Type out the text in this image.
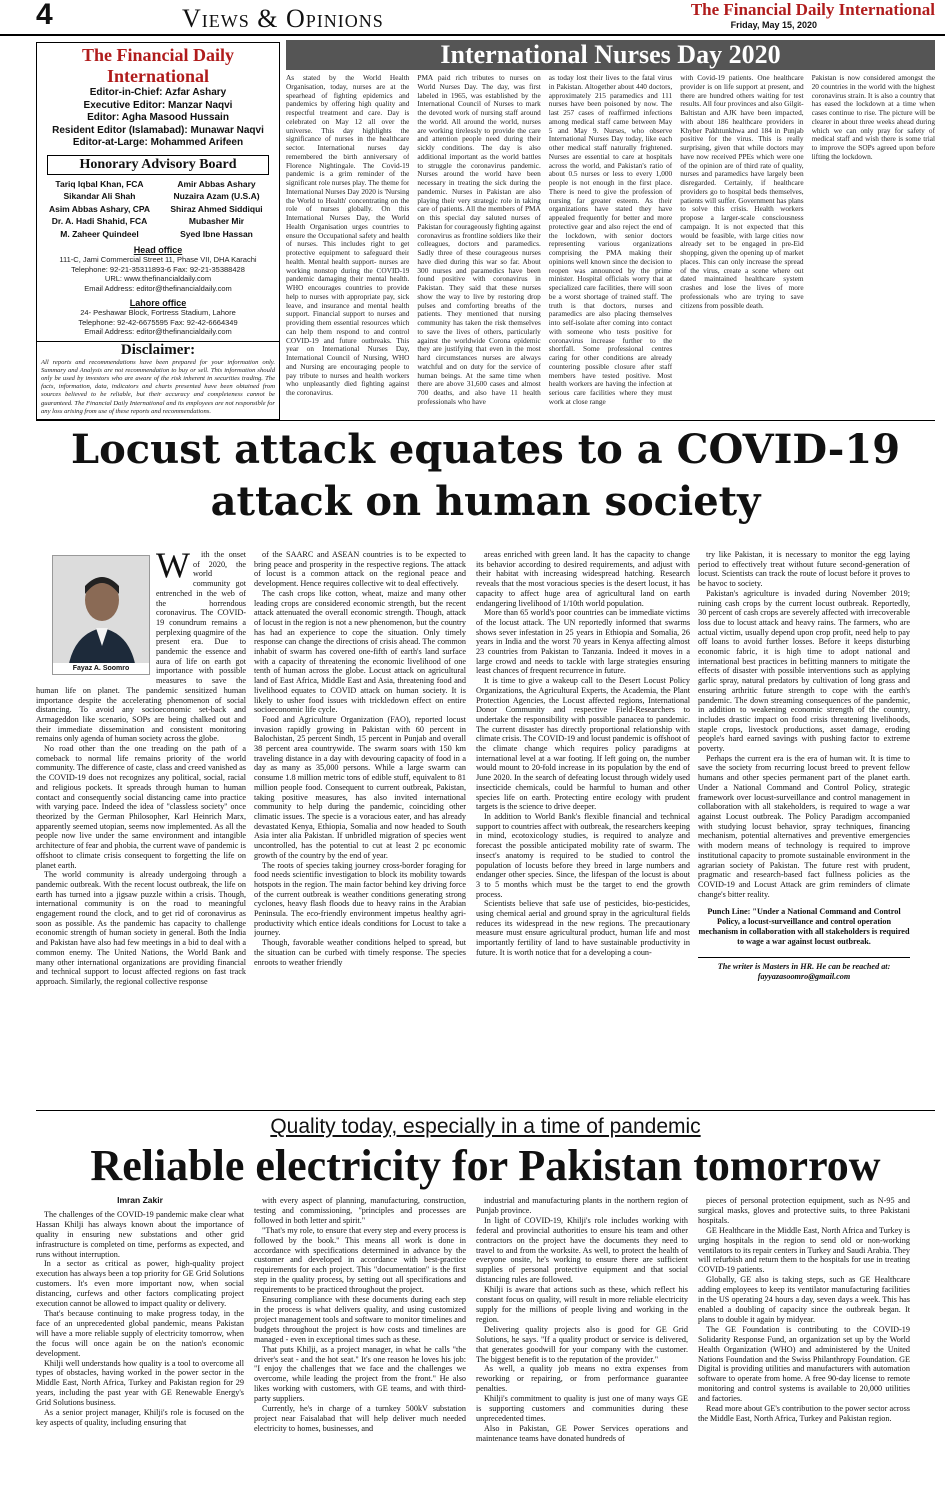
4	Views & Opinions	The Financial Daily International
Friday, May 15, 2020
The Financial Daily International
Editor-in-Chief: Azfar Ashary
Executive Editor: Manzar Naqvi
Editor: Agha Masood Hussain
Resident Editor (Islamabad): Munawar Naqvi
Editor-at-Large: Mohammed Arifeen
Honorary Advisory Board
Tariq Iqbal Khan, FCA	Amir Abbas Ashary
Sikandar Ali Shah	Nuzaira Azam (U.S.A)
Asim Abbas Ashary, CPA	Shiraz Ahmed Siddiqui
Dr. A. Hadi Shahid, FCA	Mubasher Mir
M. Zaheer Quindeel	Syed Ibne Hassan
Head office
111-C, Jami Commercial Street 11, Phase VII, DHA Karachi
Telephone: 92-21-35311893-6 Fax: 92-21-35388428
URL: www.thefinancialdaily.com
Email Address: editor@thefinancialdaily.com
Lahore office
24- Peshawar Block, Fortress Stadium, Lahore
Telephone: 92-42-6675595 Fax: 92-42-6664349
Email Address: editor@thefinancialdaily.com
Disclaimer:
All reports and recommendations have been prepared for your information only. Summary and Analysis are not recommendation to buy or sell. This information should only be used by investors who are aware of the risk inherent in securities trading. The facts, information, data, indicators and charts presented have been obtained from sources believed to be reliable, but their accuracy and completeness cannot be guaranteed. The Financial Daily International and its employees are not responsible for any loss arising from use of these reports and recommendations.
International Nurses Day 2020

As stated by the World Health Organisation, today, nurses are at the spearhead of fighting epidemics and pandemics by offering high quality and respectful treatment and care. Day is celebrated on May 12 all over the universe. This day highlights the significance of nurses in the healthcare sector. International nurses day remembered the birth anniversary of Florence Nightingale. The Covid-19 pandemic is a grim reminder of the significant role nurses play. The theme for International Nurses Day 2020 is 'Nursing the World to Health' concentrating on the role of nurses globally. On this International Nurses Day, the World Health Organisation urges countries to ensure the Occupational safety and health of nurses. This includes right to get protective equipment to safeguard their health. Mental health support- nurses are working nonstop during the COVID-19 pandemic damaging their mental health. WHO encourages countries to provide help to nurses with appropriate pay, sick leave, and insurance and mental health support. Financial support to nurses and providing them essential resources which can help them respond to and control COVID-19 and future outbreaks. This year on International Nurses Day, International Council of Nursing, WHO and Nursing are encouraging people to pay tribute to nurses and health workers who unpleasantly died fighting against the coronavirus.

PMA paid rich tributes to nurses on World Nurses Day. The day, was first labeled in 1965, was established by the International Council of Nurses to mark the devoted work of nursing staff around the world. All around the world, nurses are working tirelessly to provide the care and attention people need during their sickly conditions. The day is also additional important as the world battles to struggle the coronavirus pandemic. Nurses around the world have been necessary in treating the sick during the pandemic. Nurses in Pakistan are also playing their very strategic role in taking care of patients. All the members of PMA on this special day saluted nurses of Pakistan for courageously fighting against coronavirus as frontline soldiers like their colleagues, doctors and paramedics. Sadly three of these courageous nurses have died during this war so far. About 300 nurses and paramedics have been found positive with coronavirus in Pakistan. They said that these nurses show the way to live by restoring drop pulses and comforting breaths of the patients. They mentioned that nursing community has taken the risk themselves to save the lives of others, particularly against the worldwide Corona epidemic they are justifying that even in the most hard circumstances nurses are always watchful and on duty for the service of human beings. At the same time when there are above 31,600 cases and almost 700 deaths, and also have 11 health professionals who have

as today lost their lives to the fatal virus in Pakistan. Altogether about 440 doctors, approximately 215 paramedics and 111 nurses have been poisoned by now. The last 257 cases of reaffirmed infections among medical staff came between May 5 and May 9. Nurses, who observe International Nurses Day today, like each other medical staff naturally frightened. Nurses are essential to care at hospitals across the world, and Pakistan's ratio of about 0.5 nurses or less to every 1,000 people is not enough in the first place. There is need to give the profession of nursing far greater esteem. As their organizations have stated they have appealed frequently for better and more protective gear and also reject the end of the lockdown, with senior doctors representing various organizations comprising the PMA making their opinions well known since the decision to reopen was announced by the prime minister. Hospital officials worry that at specialized care facilities, there will soon be a worst shortage of trained staff. The truth is that doctors, nurses and paramedics are also placing themselves into self-isolate after coming into contact with someone who tests positive for coronavirus increase further to the shortfall. Some professional centres caring for other conditions are already countering possible closure after staff members have tested positive. Most health workers are having the infection at serious care facilities where they must work at close range

with Covid-19 patients. One healthcare provider is on life support at present, and there are hundred others waiting for test results. All four provinces and also Gilgit-Baltistan and AJK have been impacted, with about 186 healthcare providers in Khyber Pakhtunkhwa and 184 in Punjab positive for the virus. This is really surprising, given that while doctors may have now received PPEs which were one of the opinion are of third rate of quality, nurses and paramedics have largely been disregarded. Certainly, if healthcare providers go to hospital beds themselves, patients will suffer. Government has plans to solve this crisis. Health workers propose a larger-scale consciousness campaign. It is not expected that this would be feasible, with large cities now already set to be engaged in pre-Eid shopping, given the opening up of market places. This can only increase the spread of the virus, create a scene where out dated maintained healthcare system crashes and lose the lives of more professionals who are trying to save citizens from possible death.

Pakistan is now considered amongst the 20 countries in the world with the highest coronavirus strain. It is also a country that has eased the lockdown at a time when cases continue to rise. The picture will be clearer in about three weeks ahead during which we can only pray for safety of medical staff and wish there is some trial to improve the SOPs agreed upon before lifting the lockdown.

Locust attack equates to a COVID-19 attack on human society

W ith the onset of 2020, the world community got entrenched in the web of the horrendous coronavirus. The COVID-19 conundrum remains a perplexing quagmire of the present era. Due to pandemic the essence and aura of life on earth got importance with possible measures to save the human life on planet. The pandemic sensitized human importance despite the accelerating phenomenon of social distancing. To avoid any socioeconomic set-back and Armageddon like scenario, SOPs are being chalked out and their immediate dissemination and consistent monitoring remains only agenda of human society across the globe.

No road other than the one treading on the path of a comeback to normal life remains priority of the world community. The difference of caste, class and creed vanished as the COVID-19 does not recognizes any political, social, racial and religious pockets. It spreads through human to human contact and consequently social distancing came into practice with varying pace. Indeed the idea of "classless society" once theorized by the German Philosopher, Karl Heinrich Marx, apparently seemed utopian, seems now implemented. As all the people now live under the same environment and intangible architecture of fear and phobia, the current wave of pandemic is offshoot to climate crisis consequent to forgetting the life on planet earth.

The world community is already undergoing through a pandemic outbreak. With the recent locust outbreak, the life on earth has turned into a jigsaw puzzle within a crisis. Though, international community is on the road to meaningful engagement round the clock, and to get rid of coronavirus as soon as possible. As the pandemic has capacity to challenge economic strength of human society in general. Both the India and Pakistan have also had few meetings in a bid to deal with a common enemy. The United Nations, the World Bank and many other international organizations are providing financial and technical support to locust affected regions on fast track approach. Similarly, the regional collective response

of the SAARC and ASEAN countries is to be expected to bring peace and prosperity in the respective regions. The attack of locust is a common attack on the regional peace and development. Hence requires collective wit to deal effectively.

The cash crops like cotton, wheat, maize and many other leading crops are considered economic strength, but the recent attack attenuated the overall economic strength. Though, attack of locust in the region is not a new phenomenon, but the country has had an experience to cope the situation. Only timely response can change the directions of crisis ahead. The common inhabit of swarm has covered one-fifth of earth's land surface with a capacity of threatening the economic livelihood of one tenth of human across the globe. Locust attack on agricultural land of East Africa, Middle East and Asia, threatening food and livelihood equates to COVID attack on human society. It is likely to usher food issues with trickledown effect on entire socioeconomic life cycle.

Food and Agriculture Organization (FAO), reported locust invasion rapidly growing in Pakistan with 60 percent in Balochistan, 25 percent Sindh, 15 percent in Punjab and overall 38 percent area countrywide. The swarm soars with 150 km traveling distance in a day with devouring capacity of food in a day as many as 35,000 persons. While a large swarm can consume 1.8 million metric tons of edible stuff, equivalent to 81 million people food. Consequent to current outbreak, Pakistan, taking positive measures, has also invited international community to help during the pandemic, coinciding other climatic issues. The specie is a voracious eater, and has already devastated Kenya, Ethiopia, Somalia and now headed to South Asia inter alia Pakistan. If unbridled migration of species went uncontrolled, has the potential to cut at least 2 pc economic growth of the country by the end of year.

The roots of species taking journey cross-border foraging for food needs scientific investigation to block its mobility towards hotspots in the region. The main factor behind key driving force of the current outbreak is weather conditions generating strong cyclones, heavy flash floods due to heavy rains in the Arabian Peninsula. The eco-friendly environment impetus healthy agri-productivity which entice ideals conditions for Locust to take a journey.

Though, favorable weather conditions helped to spread, but the situation can be curbed with timely response. The species enroots to weather friendly

areas enriched with green land. It has the capacity to change its behavior according to desired requirements, and adjust with their habitat with increasing widespread hatching. Research reveals that the most voracious species is the desert locust, it has capacity to affect huge area of agricultural land on earth endangering livelihood of 1/10th world population.

More than 65 world's poor countries can be immediate victims of the locust attack. The UN reportedly informed that swarms shows sever infestation in 25 years in Ethiopia and Somalia, 26 years in India and the worst 70 years in Kenya affecting almost 23 countries from Pakistan to Tanzania. Indeed it moves in a large crowd and needs to tackle with large strategies ensuring least chances of frequent recurrence in future.

It is time to give a wakeup call to the Desert Locust Policy Organizations, the Agricultural Experts, the Academia, the Plant Protection Agencies, the Locust affected regions, International Donor Community and respective Field-Researchers to undertake the responsibility with possible panacea to pandemic. The current disaster has directly proportional relationship with climate crisis. The COVID-19 and locust pandemic is offshoot of the climate change which requires policy paradigms at international level at a war footing. If left going on, the number would mount to 20-fold increase in its population by the end of June 2020. In the search of defeating locust through widely used insecticide chemicals, could be harmful to human and other species life on earth. Protecting entire ecology with prudent targets is the science to drive deeper.

In addition to World Bank's flexible financial and technical support to countries affect with outbreak, the researchers keeping in mind, ecotoxicology studies, is required to analyze and forecast the possible anticipated mobility rate of swarm. The insect's anatomy is required to be studied to control the population of locusts before they breed in large numbers and endanger other species. Since, the lifespan of the locust is about 3 to 5 months which must be the target to end the growth process.

Scientists believe that safe use of pesticides, bio-pesticides, using chemical aerial and ground spray in the agricultural fields reduces its widespread in the new regions. The precautionary measure must ensure agricultural product, human life and most importantly fertility of land to have sustainable productivity in future. It is worth notice that for a developing a coun-

try like Pakistan, it is necessary to monitor the egg laying period to effectively treat without future second-generation of locust. Scientists can track the route of locust before it proves to be havoc to society.

Pakistan's agriculture is invaded during November 2019; ruining cash crops by the current locust outbreak. Reportedly, 30 percent of cash crops are severely affected with irrecoverable loss due to locust attack and heavy rains. The farmers, who are actual victim, usually depend upon crop profit, need help to pay off loans to avoid further losses. Before it keeps disturbing economic fabric, it is high time to adopt national and international best practices in befitting manners to mitigate the effects of disaster with possible interventions such as applying garlic spray, natural predators by cultivation of long grass and ensuring arthritic future strength to cope with the earth's pandemic. The down streaming consequences of the pandemic, in addition to weakening economic strength of the country, includes drastic impact on food crisis threatening livelihoods, staple crops, livestock productions, asset damage, eroding people's hard earned savings with pushing factor to extreme poverty.

Perhaps the current era is the era of human wit. It is time to save the society from recurring locust breed to prevent fellow humans and other species permanent part of the planet earth. Under a National Command and Control Policy, strategic framework over locust-surveillance and control management in collaboration with all stakeholders, is required to wage a war against Locust outbreak. The Policy Paradigm accompanied with studying locust behavior, spray techniques, financing mechanism, potential alternatives and preventive emergencies with modern means of technology is required to improve institutional capacity to promote sustainable environment in the agrarian society of Pakistan. The future rest with prudent, pragmatic and research-based fact fullness policies as the COVID-19 and Locust Attack are grim reminders of climate change's bitter reality.

Punch Line: "Under a National Command and Control Policy, a locust-surveillance and control operation mechanism in collaboration with all stakeholders is required to wage a war against locust outbreak.
The writer is Masters in HR. He can be reached at: fayyazasoomro@gmail.com
Fayaz A. Soomro
Quality today, especially in a time of pandemic
Reliable electricity for Pakistan tomorrow
Imran Zakir

The challenges of the COVID-19 pandemic make clear what Hassan Khilji has always known about the importance of quality in ensuring new substations and other grid infrastructure is completed on time, performs as expected, and runs without interruption.

In a sector as critical as power, high-quality project execution has always been a top priority for GE Grid Solutions customers. It's even more important now, when social distancing, curfews and other factors complicating project execution cannot be allowed to impact quality or delivery.

That's because continuing to make progress today, in the face of an unprecedented global pandemic, means Pakistan will have a more reliable supply of electricity tomorrow, when the focus will once again be on the nation's economic development.

Khilji well understands how quality is a tool to overcome all types of obstacles, having worked in the power sector in the Middle East, North Africa, Turkey and Pakistan region for 29 years, including the past year with GE Renewable Energy's Grid Solutions business.

As a senior project manager, Khilji's role is focused on the key aspects of quality, including ensuring that

with every aspect of planning, manufacturing, construction, testing and commissioning, "principles and processes are followed in both letter and spirit."

"That's my role, to ensure that every step and every process is followed by the book." This means all work is done in accordance with specifications determined in advance by the customer and developed in accordance with best-practice requirements for each project. This "documentation" is the first step in the quality process, by setting out all specifications and requirements to be practiced throughout the project.

Ensuring compliance with these documents during each step in the process is what delivers quality, and using customized project management tools and software to monitor timelines and budgets throughout the project is how costs and timelines are managed - even in exceptional times such as these.

That puts Khilji, as a project manager, in what he calls "the driver's seat - and the hot seat." It's one reason he loves his job: "I enjoy the challenges that we face and the challenges we overcome, while leading the project from the front." He also likes working with customers, with GE teams, and with third-party suppliers.

Currently, he's in charge of a turnkey 500kV substation project near Faisalabad that will help deliver much needed electricity to homes, businesses, and

industrial and manufacturing plants in the northern region of Punjab province.

In light of COVID-19, Khilji's role includes working with federal and provincial authorities to ensure his team and other contractors on the project have the documents they need to travel to and from the worksite. As well, to protect the health of everyone onsite, he's working to ensure there are sufficient supplies of personal protective equipment and that social distancing rules are followed.

Khilji is aware that actions such as these, which reflect his constant focus on quality, will result in more reliable electricity supply for the millions of people living and working in the region.

Delivering quality projects also is good for GE Grid Solutions, he says. "If a quality product or service is delivered, that generates goodwill for your company with the customer. The biggest benefit is to the reputation of the provider."

As well, a quality job means no extra expenses from reworking or repairing, or from performance guarantee penalties.

Khilji's commitment to quality is just one of many ways GE is supporting customers and communities during these unprecedented times.

Also in Pakistan, GE Power Services operations and maintenance teams have donated hundreds of

pieces of personal protection equipment, such as N-95 and surgical masks, gloves and protective suits, to three Pakistani hospitals.

GE Healthcare in the Middle East, North Africa and Turkey is urging hospitals in the region to send old or non-working ventilators to its repair centers in Turkey and Saudi Arabia. They will refurbish and return them to the hospitals for use in treating COVID-19 patients.

Globally, GE also is taking steps, such as GE Healthcare adding employees to keep its ventilator manufacturing facilities in the US operating 24 hours a day, seven days a week. This has enabled a doubling of capacity since the outbreak began. It plans to double it again by midyear.

The GE Foundation is contributing to the COVID-19 Solidarity Response Fund, an organization set up by the World Health Organization (WHO) and administered by the United Nations Foundation and the Swiss Philanthropy Foundation. GE Digital is providing utilities and manufacturers with automation software to operate from home. A free 90-day license to remote monitoring and control systems is available to 20,000 utilities and factories.

Read more about GE's contribution to the power sector across the Middle East, North Africa, Turkey and Pakistan region.
